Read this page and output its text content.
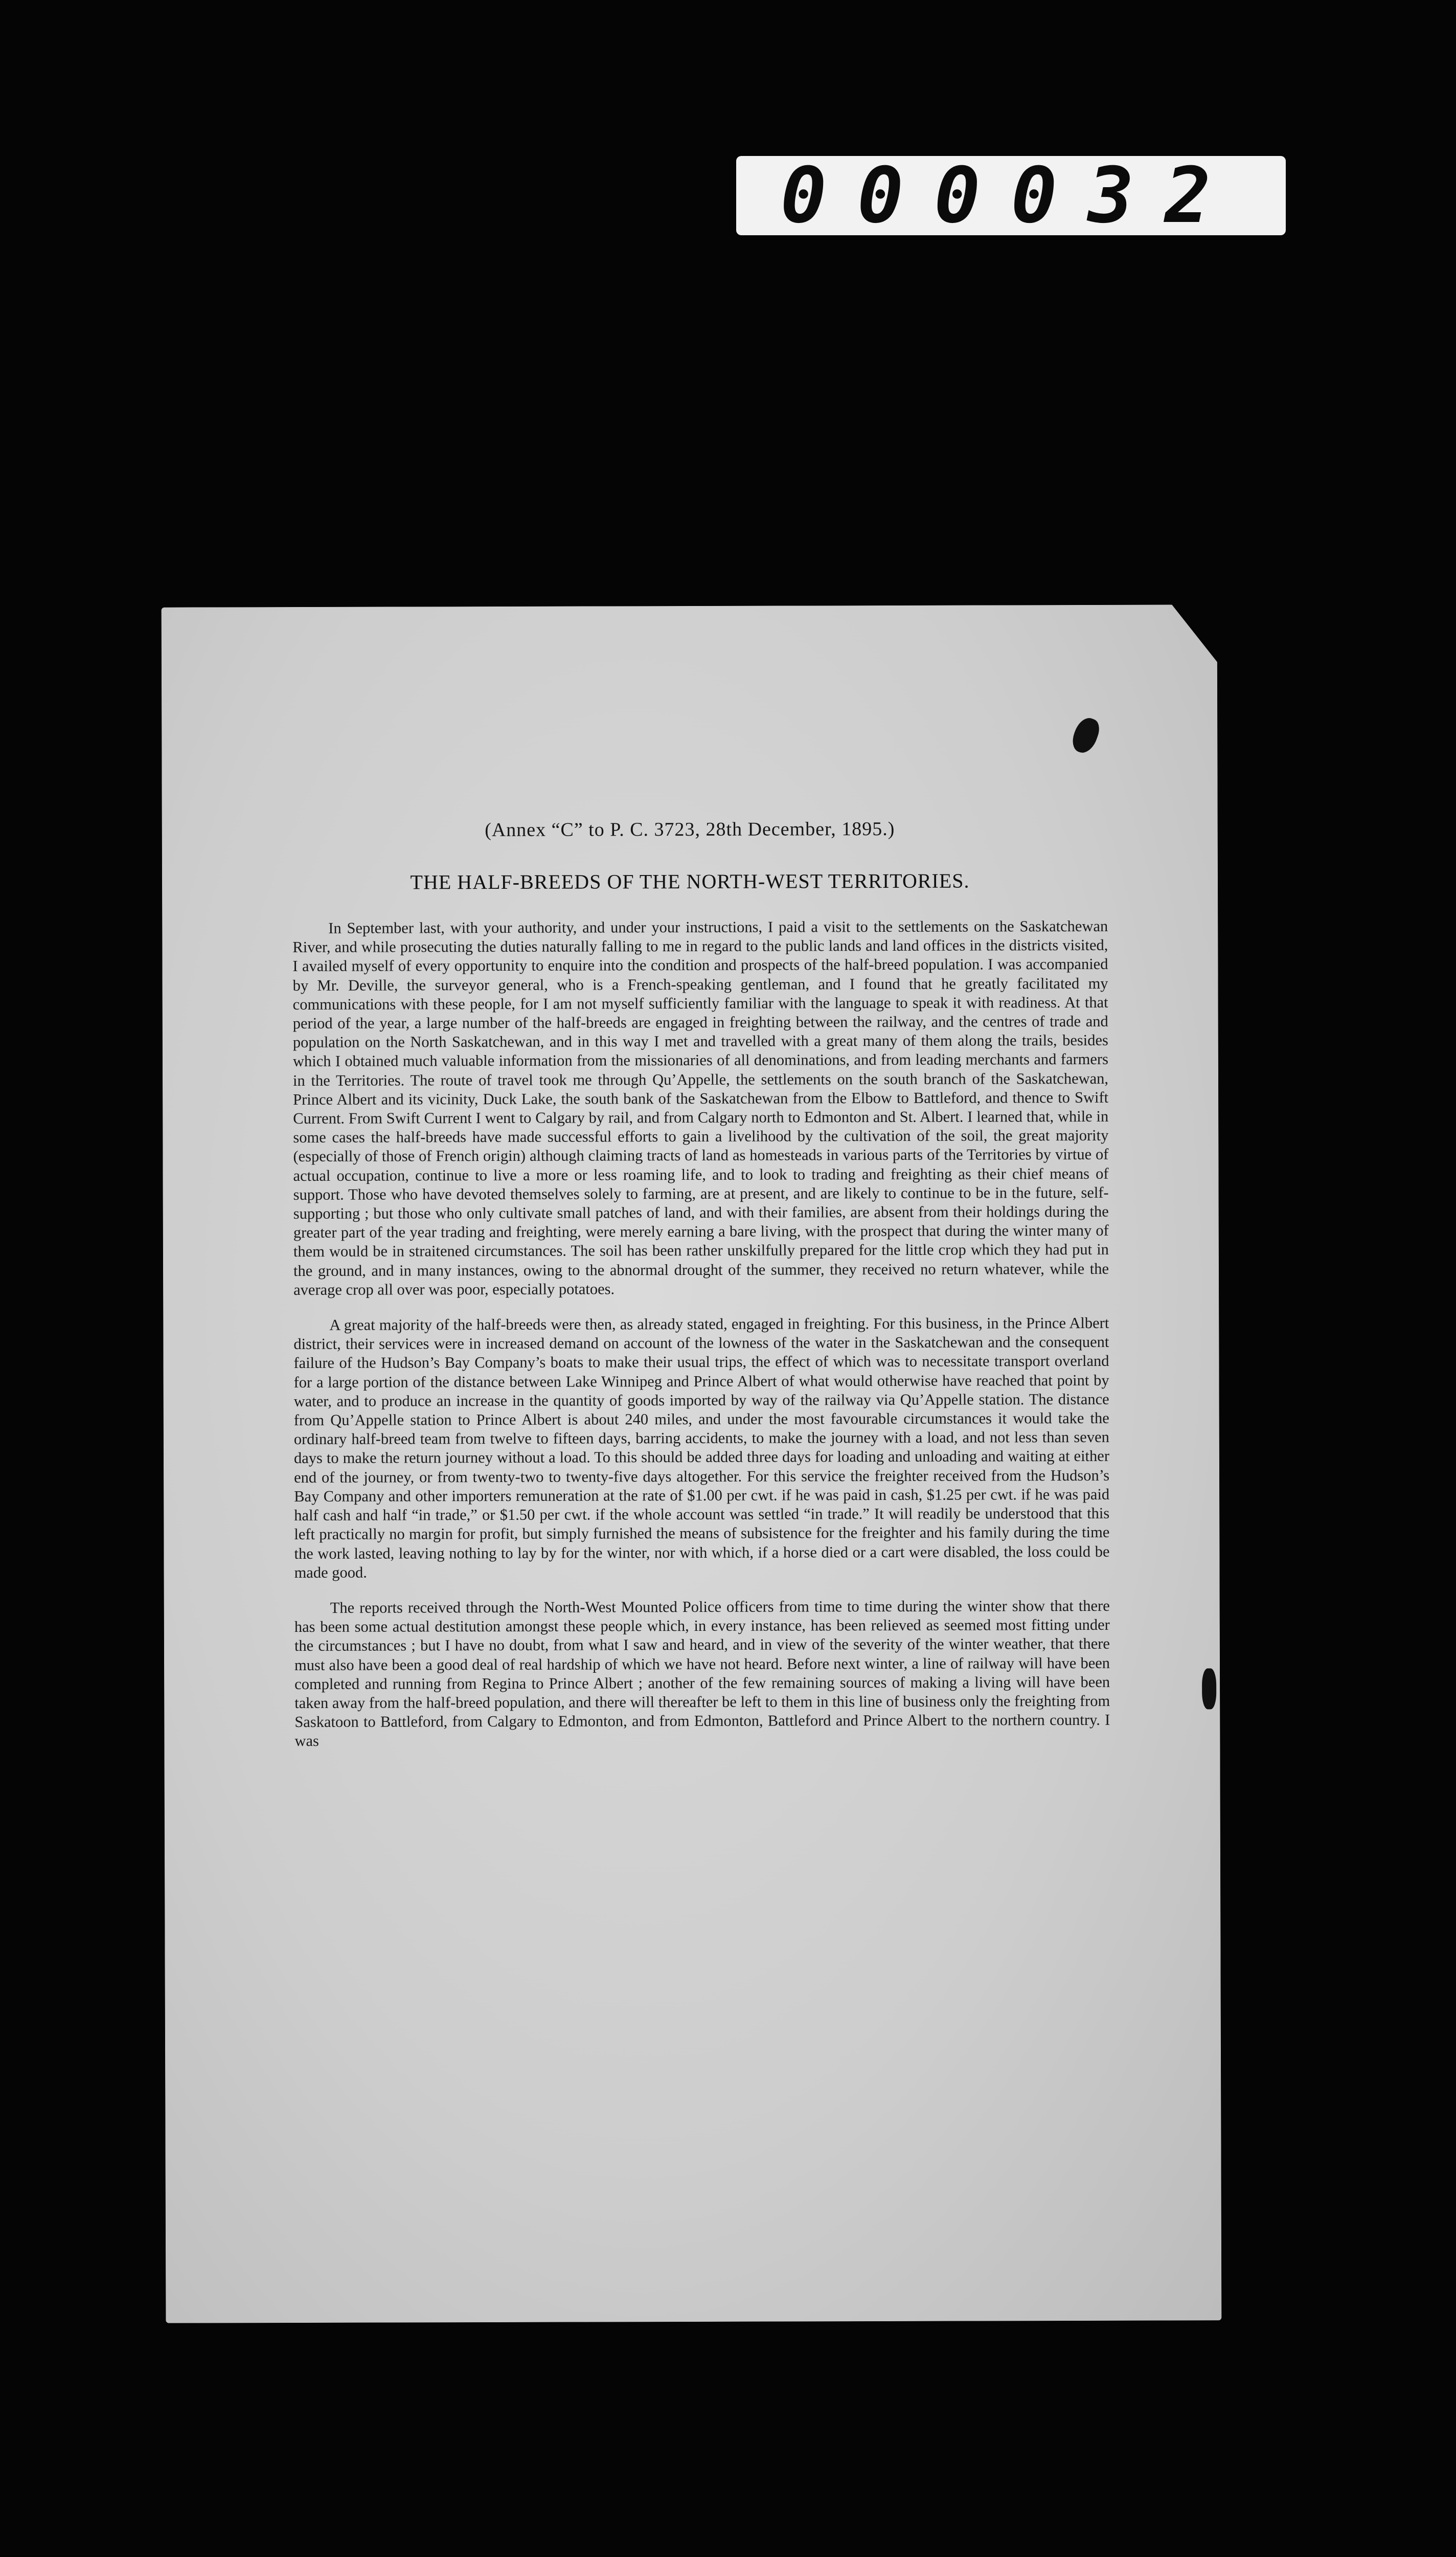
000032
(Annex “C” to P. C. 3723, 28th December, 1895.)
THE HALF-BREEDS OF THE NORTH-WEST TERRITORIES.

In September last, with your authority, and under your instructions, I paid a visit to the settlements on the Saskatchewan River, and while prosecuting the duties naturally falling to me in regard to the public lands and land offices in the districts visited, I availed myself of every opportunity to enquire into the condition and prospects of the half-breed population. I was accompanied by Mr. Deville, the surveyor general, who is a French-speaking gentleman, and I found that he greatly facilitated my communications with these people, for I am not myself sufficiently familiar with the language to speak it with readiness. At that period of the year, a large number of the half-breeds are engaged in freighting between the railway, and the centres of trade and population on the North Saskatchewan, and in this way I met and travelled with a great many of them along the trails, besides which I obtained much valuable information from the missionaries of all denominations, and from leading merchants and farmers in the Territories. The route of travel took me through Qu’Appelle, the settlements on the south branch of the Saskatchewan, Prince Albert and its vicinity, Duck Lake, the south bank of the Saskatchewan from the Elbow to Battleford, and thence to Swift Current. From Swift Current I went to Calgary by rail, and from Calgary north to Edmonton and St. Albert. I learned that, while in some cases the half-breeds have made successful efforts to gain a livelihood by the cultivation of the soil, the great majority (especially of those of French origin) although claiming tracts of land as homesteads in various parts of the Territories by virtue of actual occupation, continue to live a more or less roaming life, and to look to trading and freighting as their chief means of support. Those who have devoted themselves solely to farming, are at present, and are likely to continue to be in the future, self-supporting ; but those who only cultivate small patches of land, and with their families, are absent from their holdings during the greater part of the year trading and freighting, were merely earning a bare living, with the prospect that during the winter many of them would be in straitened circumstances. The soil has been rather unskilfully prepared for the little crop which they had put in the ground, and in many instances, owing to the abnormal drought of the summer, they received no return whatever, while the average crop all over was poor, especially potatoes.

A great majority of the half-breeds were then, as already stated, engaged in freighting. For this business, in the Prince Albert district, their services were in increased demand on account of the lowness of the water in the Saskatchewan and the consequent failure of the Hudson’s Bay Company’s boats to make their usual trips, the effect of which was to necessitate transport overland for a large portion of the distance between Lake Winnipeg and Prince Albert of what would otherwise have reached that point by water, and to produce an increase in the quantity of goods imported by way of the railway via Qu’Appelle station. The distance from Qu’Appelle station to Prince Albert is about 240 miles, and under the most favourable circumstances it would take the ordinary half-breed team from twelve to fifteen days, barring accidents, to make the journey with a load, and not less than seven days to make the return journey without a load. To this should be added three days for loading and unloading and waiting at either end of the journey, or from twenty-two to twenty-five days altogether. For this service the freighter received from the Hudson’s Bay Company and other importers remuneration at the rate of $1.00 per cwt. if he was paid in cash, $1.25 per cwt. if he was paid half cash and half “in trade,” or $1.50 per cwt. if the whole account was settled “in trade.” It will readily be understood that this left practically no margin for profit, but simply furnished the means of subsistence for the freighter and his family during the time the work lasted, leaving nothing to lay by for the winter, nor with which, if a horse died or a cart were disabled, the loss could be made good.

The reports received through the North-West Mounted Police officers from time to time during the winter show that there has been some actual destitution amongst these people which, in every instance, has been relieved as seemed most fitting under the circumstances ; but I have no doubt, from what I saw and heard, and in view of the severity of the winter weather, that there must also have been a good deal of real hardship of which we have not heard. Before next winter, a line of railway will have been completed and running from Regina to Prince Albert ; another of the few remaining sources of making a living will have been taken away from the half-breed population, and there will thereafter be left to them in this line of business only the freighting from Saskatoon to Battleford, from Calgary to Edmonton, and from Edmonton, Battleford and Prince Albert to the northern country. I was
